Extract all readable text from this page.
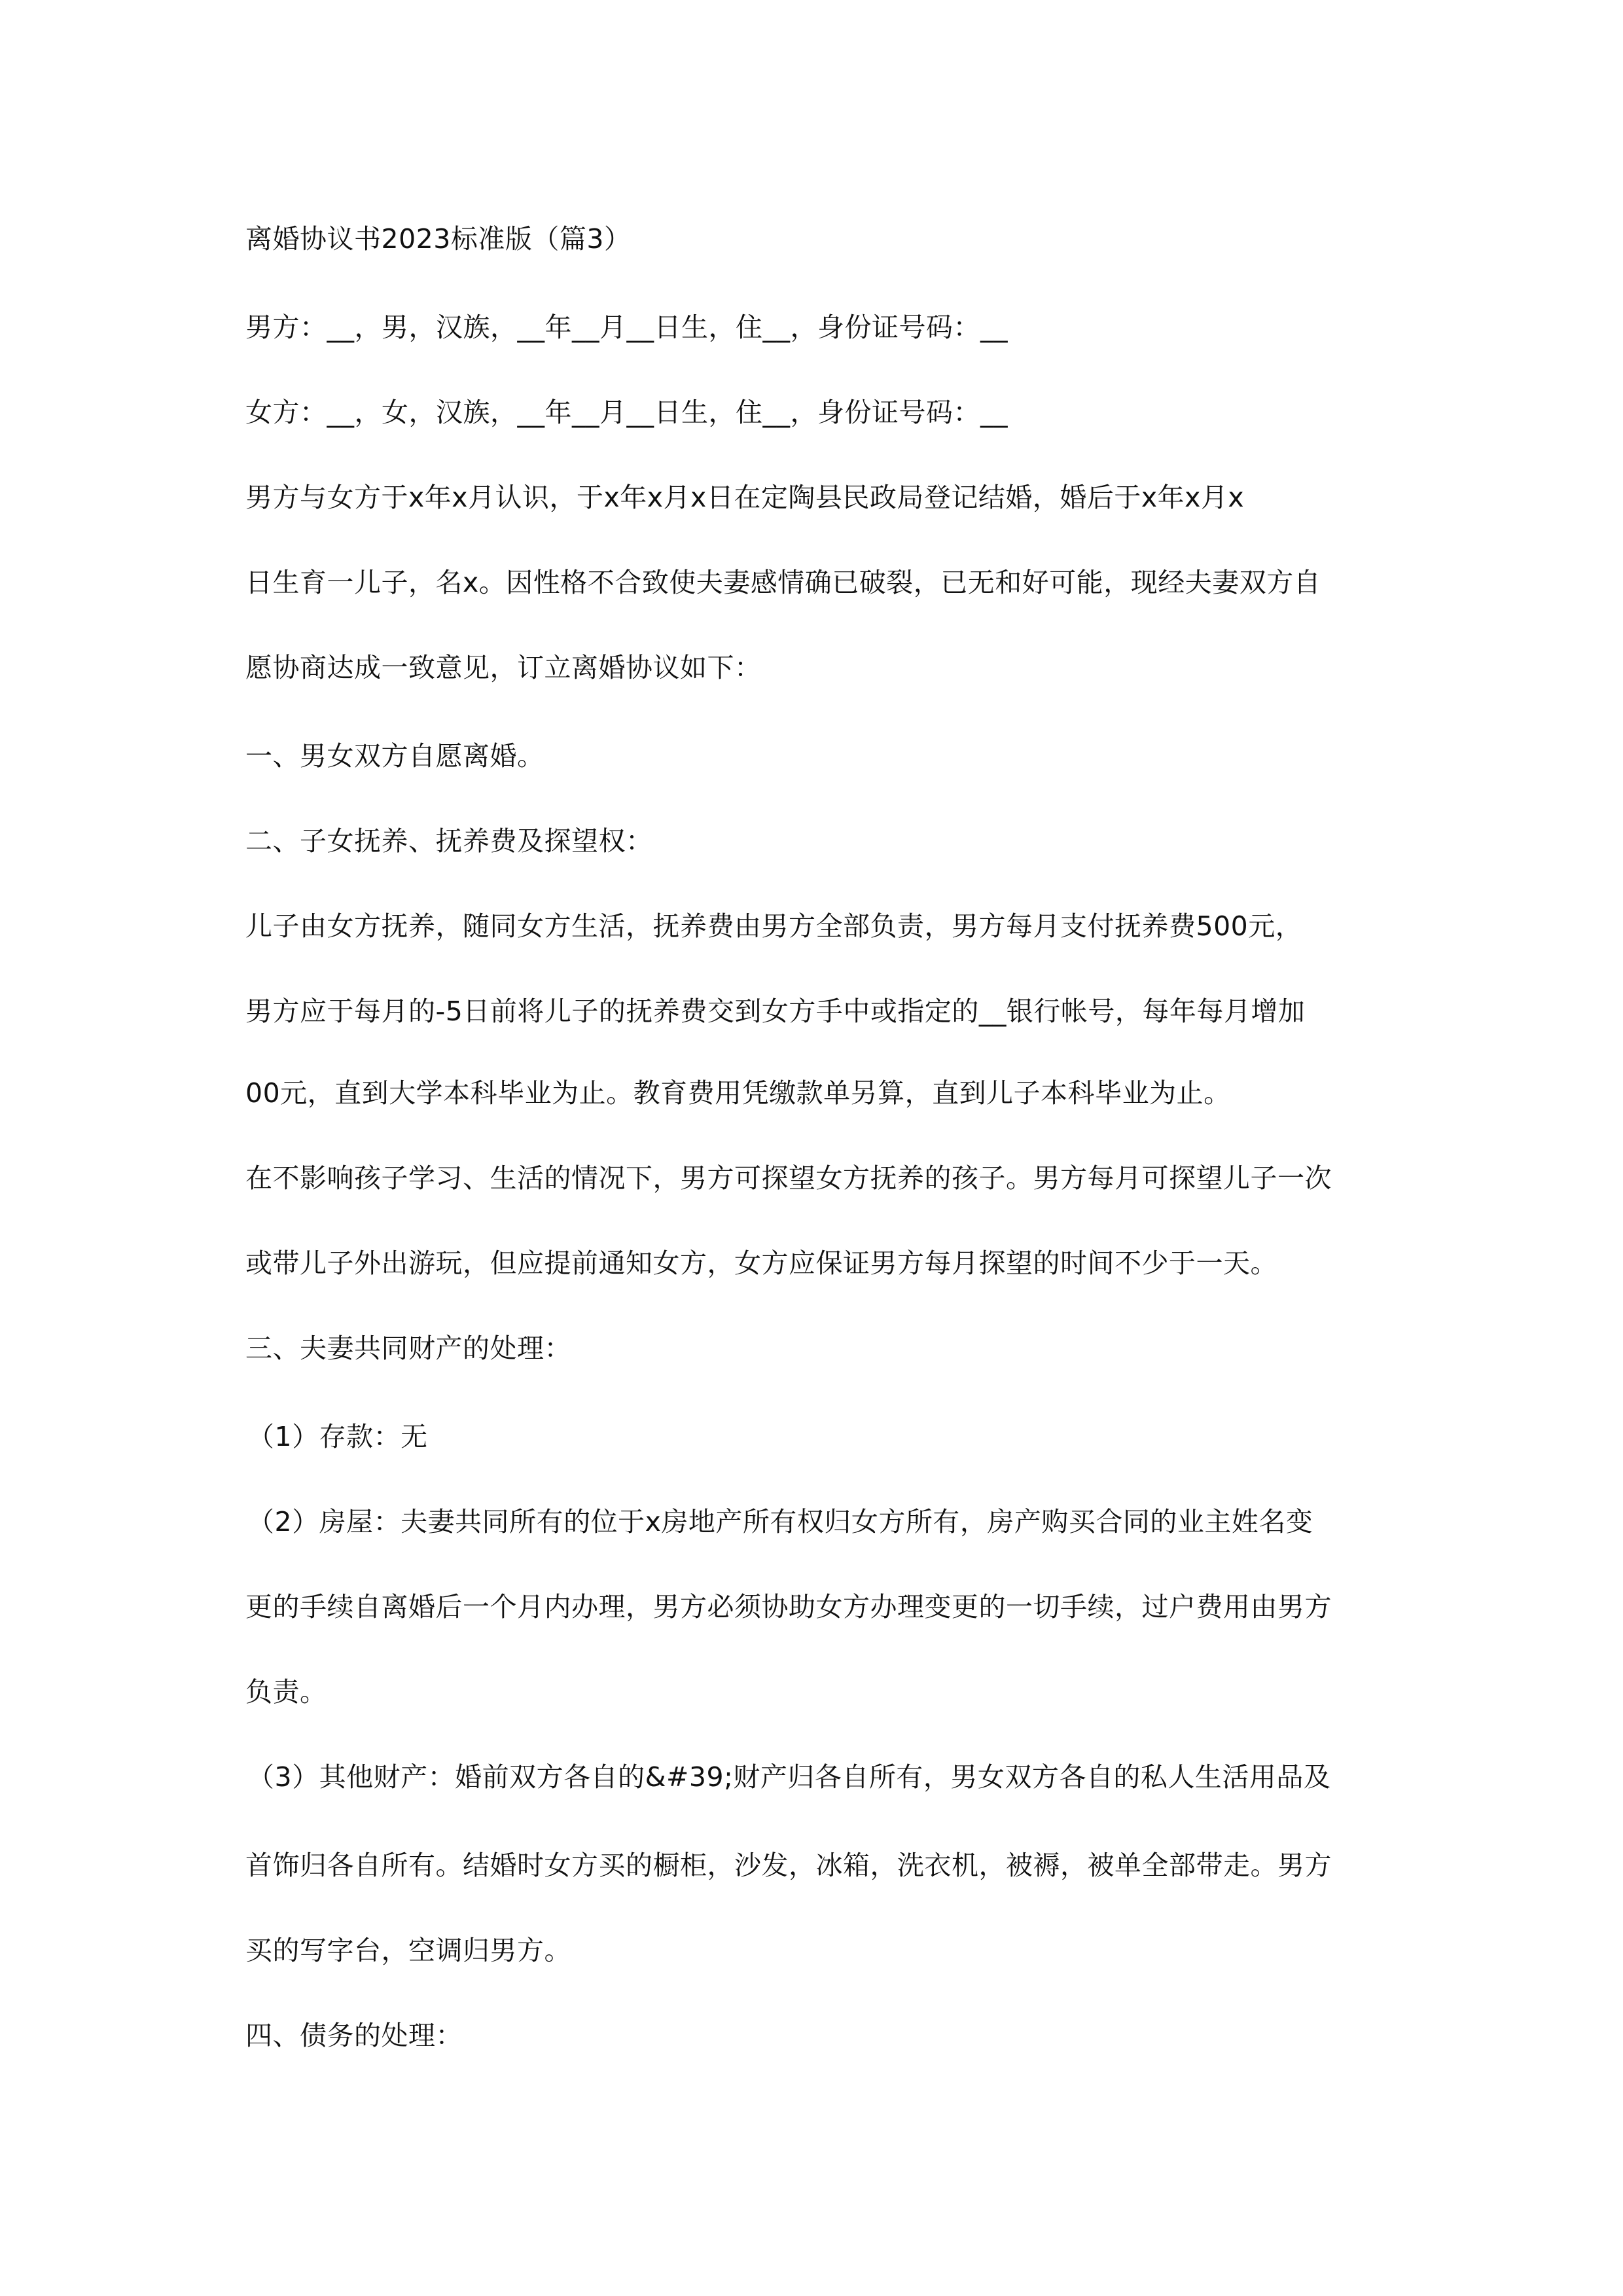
离婚协议书2023标准版（篇3）
男方：__，男，汉族，__年__月__日生，住__，身份证号码：__
女方：__，女，汉族，__年__月__日生，住__，身份证号码：__
男方与女方于x年x月认识，于x年x月x日在定陶县民政局登记结婚，婚后于x年x月x
日生育一儿子，名x。因性格不合致使夫妻感情确已破裂，已无和好可能，现经夫妻双方自
愿协商达成一致意见，订立离婚协议如下：
一、男女双方自愿离婚。
二、子女抚养、抚养费及探望权：
儿子由女方抚养，随同女方生活，抚养费由男方全部负责，男方每月支付抚养费500元，
男方应于每月的-5日前将儿子的抚养费交到女方手中或指定的__银行帐号，每年每月增加
00元，直到大学本科毕业为止。教育费用凭缴款单另算，直到儿子本科毕业为止。
在不影响孩子学习、生活的情况下，男方可探望女方抚养的孩子。男方每月可探望儿子一次
或带儿子外出游玩，但应提前通知女方，女方应保证男方每月探望的时间不少于一天。
三、夫妻共同财产的处理：
（1）存款：无
（2）房屋：夫妻共同所有的位于x房地产所有权归女方所有，房产购买合同的业主姓名变
更的手续自离婚后一个月内办理，男方必须协助女方办理变更的一切手续，过户费用由男方
负责。
（3）其他财产：婚前双方各自的&#39;财产归各自所有，男女双方各自的私人生活用品及
首饰归各自所有。结婚时女方买的橱柜，沙发，冰箱，洗衣机，被褥，被单全部带走。男方
买的写字台，空调归男方。
四、债务的处理：
